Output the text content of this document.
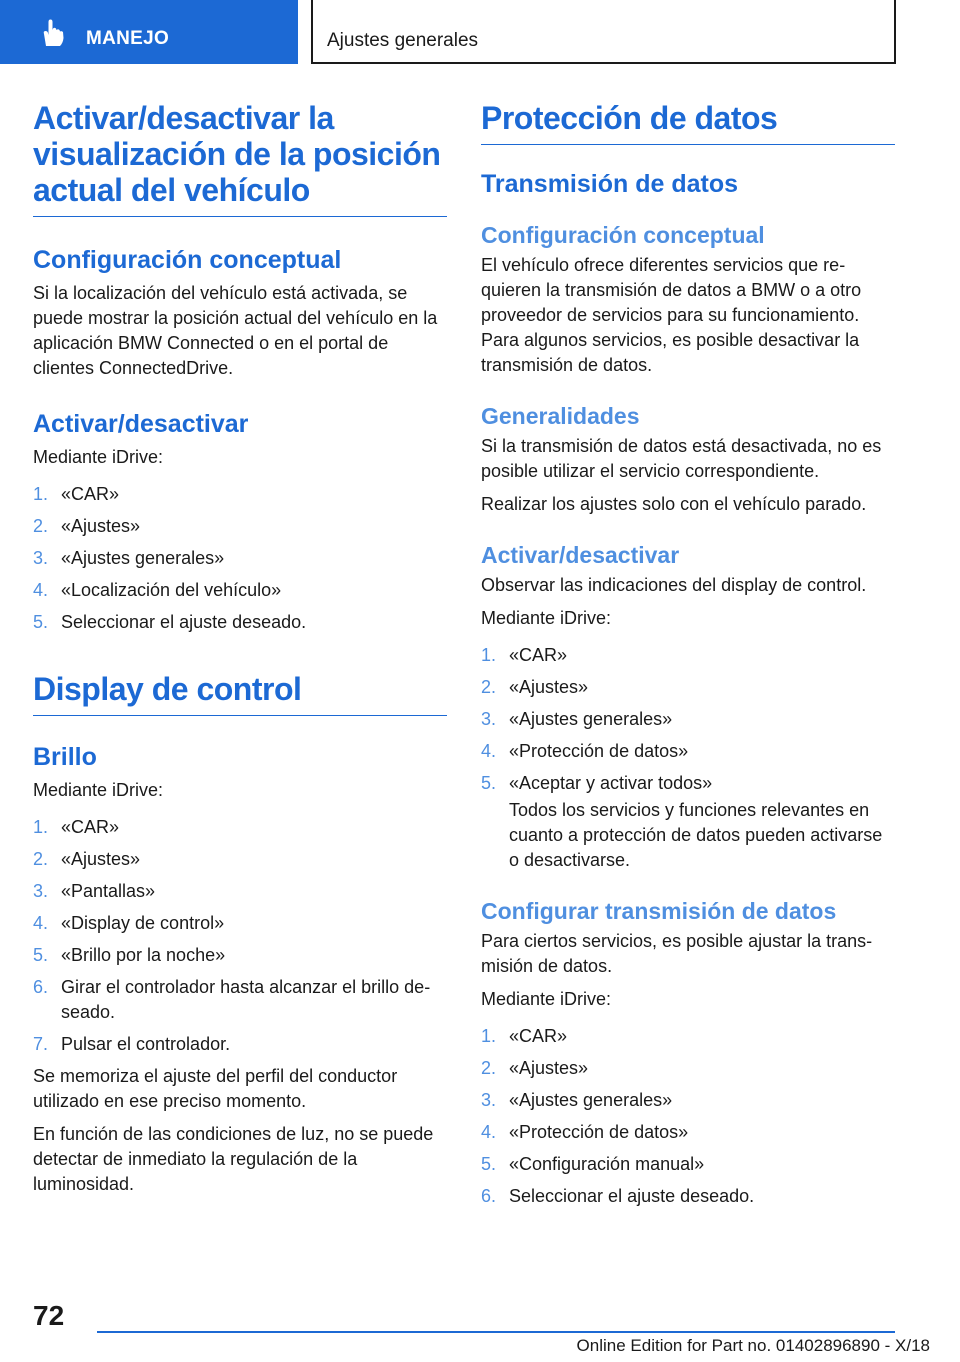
MANEJO	Ajustes generales
Activar/desactivar la visualización de la posición actual del vehículo
Configuración conceptual
Si la localización del vehículo está activada, se puede mostrar la posición actual del vehículo en la aplicación BMW Connected o en el portal de clientes ConnectedDrive.
Activar/desactivar
Mediante iDrive:
1. «CAR»
2. «Ajustes»
3. «Ajustes generales»
4. «Localización del vehículo»
5. Seleccionar el ajuste deseado.
Display de control
Brillo
Mediante iDrive:
1. «CAR»
2. «Ajustes»
3. «Pantallas»
4. «Display de control»
5. «Brillo por la noche»
6. Girar el controlador hasta alcanzar el brillo deseado.
7. Pulsar el controlador.
Se memoriza el ajuste del perfil del conductor utilizado en ese preciso momento.
En función de las condiciones de luz, no se puede detectar de inmediato la regulación de la luminosidad.
Protección de datos
Transmisión de datos
Configuración conceptual
El vehículo ofrece diferentes servicios que requieren la transmisión de datos a BMW o a otro proveedor de servicios para su funcionamiento. Para algunos servicios, es posible desactivar la transmisión de datos.
Generalidades
Si la transmisión de datos está desactivada, no es posible utilizar el servicio correspondiente.
Realizar los ajustes solo con el vehículo parado.
Activar/desactivar
Observar las indicaciones del display de control.
Mediante iDrive:
1. «CAR»
2. «Ajustes»
3. «Ajustes generales»
4. «Protección de datos»
5. «Aceptar y activar todos»
Todos los servicios y funciones relevantes en cuanto a protección de datos pueden activarse o desactivarse.
Configurar transmisión de datos
Para ciertos servicios, es posible ajustar la transmisión de datos.
Mediante iDrive:
1. «CAR»
2. «Ajustes»
3. «Ajustes generales»
4. «Protección de datos»
5. «Configuración manual»
6. Seleccionar el ajuste deseado.
72
Online Edition for Part no. 01402896890 - X/18
